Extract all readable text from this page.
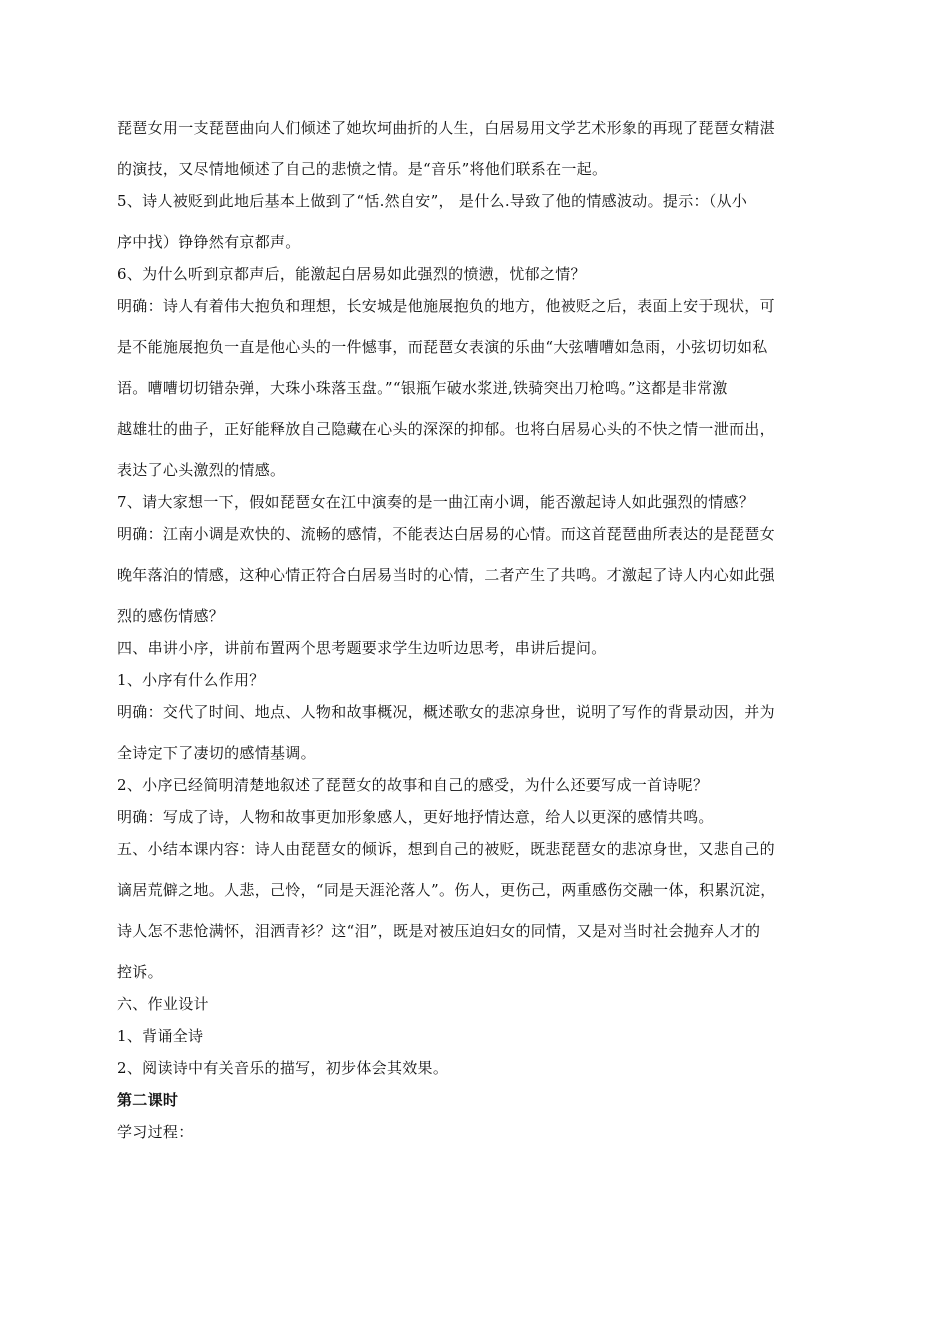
琵琶女用一支琵琶曲向人们倾述了她坎坷曲折的人生，白居易用文学艺术形象的再现了琵琶女精湛

的演技，又尽情地倾述了自己的悲愤之情。是“音乐”将他们联系在一起。

5、诗人被贬到此地后基本上做到了“恬.然自安”， 是什么.导致了他的情感波动。提示：（从小

序中找）铮铮然有京都声。

6、为什么听到京都声后，能激起白居易如此强烈的愤懑，忧郁之情？

明确：诗人有着伟大抱负和理想，长安城是他施展抱负的地方，他被贬之后，表面上安于现状，可

是不能施展抱负一直是他心头的一件憾事，而琵琶女表演的乐曲“大弦嘈嘈如急雨，小弦切切如私

语。嘈嘈切切错杂弹，大珠小珠落玉盘。”“银瓶乍破水浆迸,铁骑突出刀枪鸣。”这都是非常激

越雄壮的曲子，正好能释放自己隐藏在心头的深深的抑郁。也将白居易心头的不快之情一泄而出，

表达了心头激烈的情感。

7、请大家想一下，假如琵琶女在江中演奏的是一曲江南小调，能否激起诗人如此强烈的情感？

明确：江南小调是欢快的、流畅的感情，不能表达白居易的心情。而这首琵琶曲所表达的是琵琶女

晚年落泊的情感，这种心情正符合白居易当时的心情，二者产生了共鸣。才激起了诗人内心如此强

烈的感伤情感？

四、串讲小序，讲前布置两个思考题要求学生边听边思考，串讲后提问。

1、小序有什么作用？

明确：交代了时间、地点、人物和故事概况，概述歌女的悲凉身世，说明了写作的背景动因，并为

全诗定下了凄切的感情基调。

2、小序已经简明清楚地叙述了琵琶女的故事和自己的感受，为什么还要写成一首诗呢？

明确：写成了诗，人物和故事更加形象感人，更好地抒情达意，给人以更深的感情共鸣。

五、小结本课内容：诗人由琵琶女的倾诉，想到自己的被贬，既悲琵琶女的悲凉身世，又悲自己的

谪居荒僻之地。人悲，己怜，“同是天涯沦落人”。伤人，更伤己，两重感伤交融一体，积累沉淀，

诗人怎不悲怆满怀，泪洒青衫？这“泪”，既是对被压迫妇女的同情，又是对当时社会抛弃人才的

控诉。

六、作业设计

1、背诵全诗

2、阅读诗中有关音乐的描写，初步体会其效果。

第二课时

学习过程：
